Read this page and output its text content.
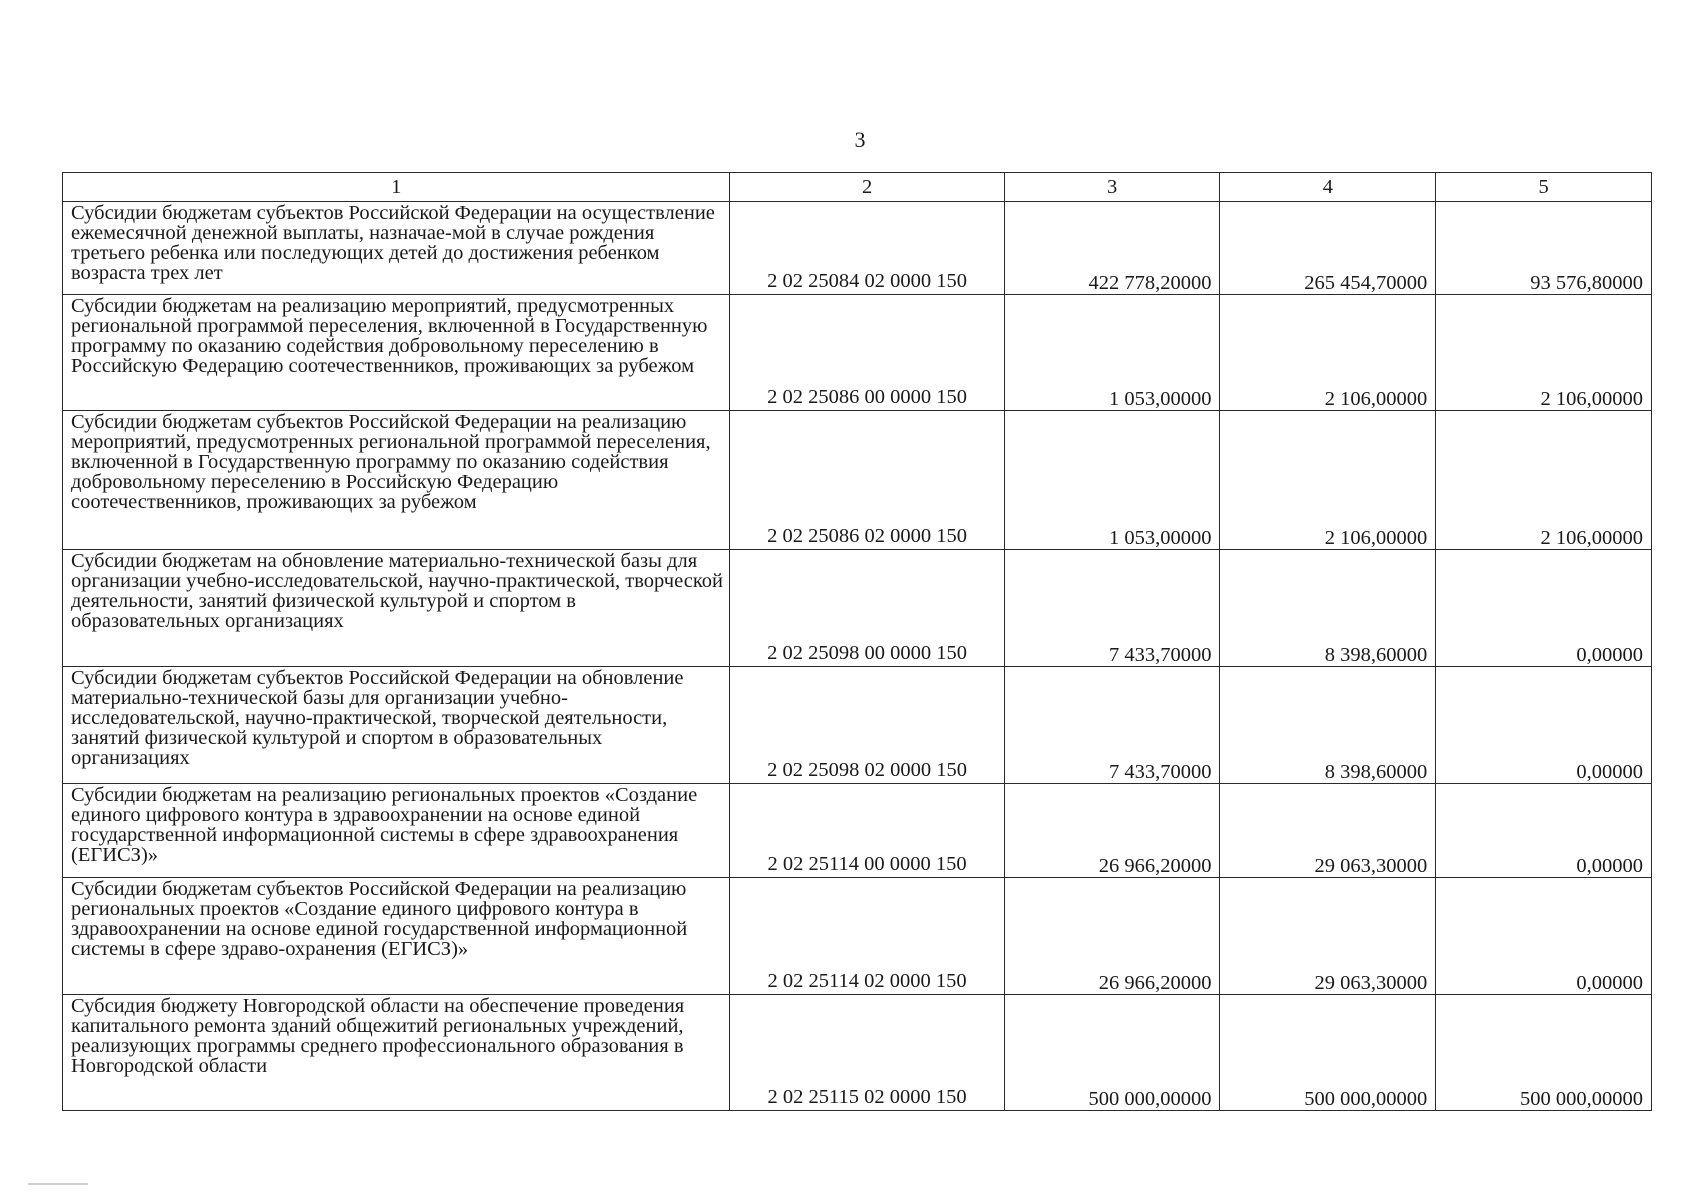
3
1	2	3	4	5
Субсидии бюджетам субъектов Российской Федерации на осуществление ежемесячной денежной выплаты, назначае-мой в случае рождения третьего ребенка или последующих детей до достижения ребенком возраста трех лет	2 02 25084 02 0000 150	422 778,20000	265 454,70000	93 576,80000
Субсидии бюджетам на реализацию мероприятий, предусмотренных региональной программой переселения, включенной в Государственную программу по оказанию содействия добровольному переселению в Российскую Федерацию соотечественников, проживающих за рубежом	2 02 25086 00 0000 150	1 053,00000	2 106,00000	2 106,00000
Субсидии бюджетам субъектов Российской Федерации на реализацию мероприятий, предусмотренных региональной программой переселения, включенной в Государственную программу по оказанию содействия добровольному переселению в Российскую Федерацию соотечественников, проживающих за рубежом	2 02 25086 02 0000 150	1 053,00000	2 106,00000	2 106,00000
Субсидии бюджетам на обновление материально-технической базы для организации учебно-исследовательской, научно-практической, творческой деятельности, занятий физической культурой и спортом в образовательных организациях	2 02 25098 00 0000 150	7 433,70000	8 398,60000	0,00000
Субсидии бюджетам субъектов Российской Федерации на обновление материально-технической базы для организации учебно-исследовательской, научно-практической, творческой деятельности, занятий физической культурой и спортом в образовательных организациях	2 02 25098 02 0000 150	7 433,70000	8 398,60000	0,00000
Субсидии бюджетам на реализацию региональных проектов «Создание единого цифрового контура в здравоохранении на основе единой государственной информационной системы в сфере здравоохранения (ЕГИСЗ)»	2 02 25114 00 0000 150	26 966,20000	29 063,30000	0,00000
Субсидии бюджетам субъектов Российской Федерации на реализацию региональных проектов «Создание единого цифрового контура в здравоохранении на основе единой государственной информационной системы в сфере здраво-охранения (ЕГИСЗ)»	2 02 25114 02 0000 150	26 966,20000	29 063,30000	0,00000
Субсидия бюджету Новгородской области на обеспечение проведения капитального ремонта зданий общежитий региональных учреждений, реализующих программы среднего профессионального образования в Новгородской области	2 02 25115 02 0000 150	500 000,00000	500 000,00000	500 000,00000
